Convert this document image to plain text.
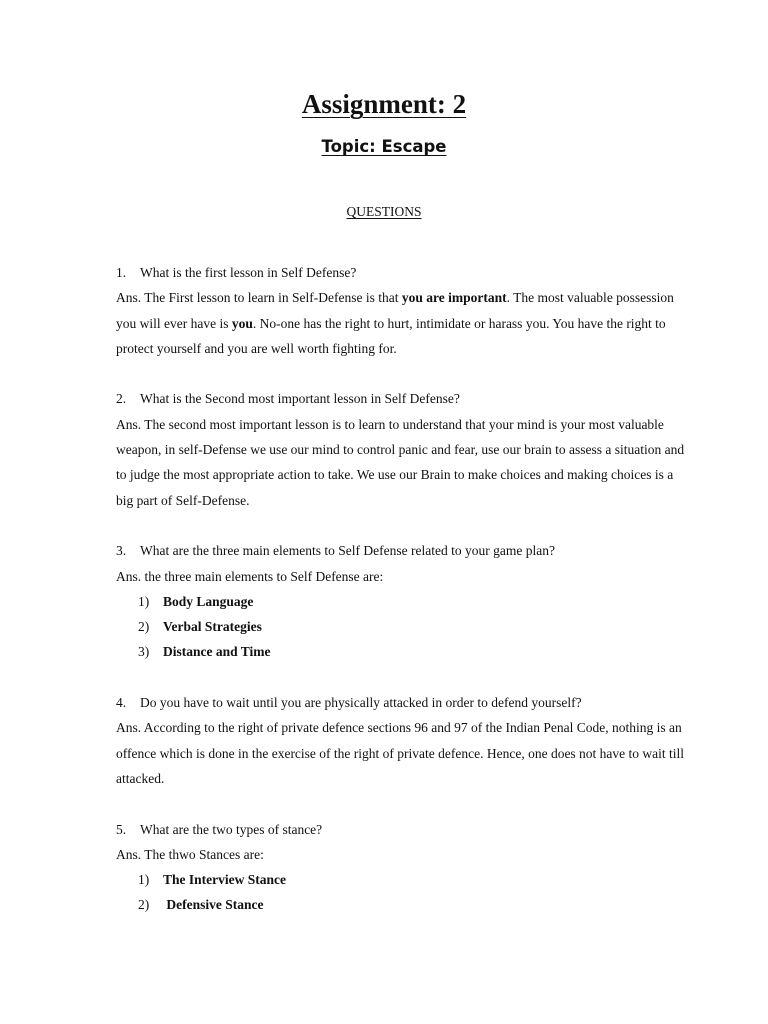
Assignment: 2
Topic: Escape

QUESTIONS

1. What is the first lesson in Self Defense?

Ans. The First lesson to learn in Self-Defense is that you are important. The most valuable possession you will ever have is you. No-one has the right to hurt, intimidate or harass you. You have the right to protect yourself and you are well worth fighting for.

2. What is the Second most important lesson in Self Defense?

Ans. The second most important lesson is to learn to understand that your mind is your most valuable weapon, in self-Defense we use our mind to control panic and fear, use our brain to assess a situation and to judge the most appropriate action to take. We use our Brain to make choices and making choices is a big part of Self-Defense.

3. What are the three main elements to Self Defense related to your game plan?

Ans. the three main elements to Self Defense are:

1) Body Language
2) Verbal Strategies
3) Distance and Time

4. Do you have to wait until you are physically attacked in order to defend yourself?

Ans. According to the right of private defence sections 96 and 97 of the Indian Penal Code, nothing is an offence which is done in the exercise of the right of private defence. Hence, one does not have to wait till attacked.

5. What are the two types of stance?

Ans. The thwo Stances are:

1) The Interview Stance
2) Defensive Stance
